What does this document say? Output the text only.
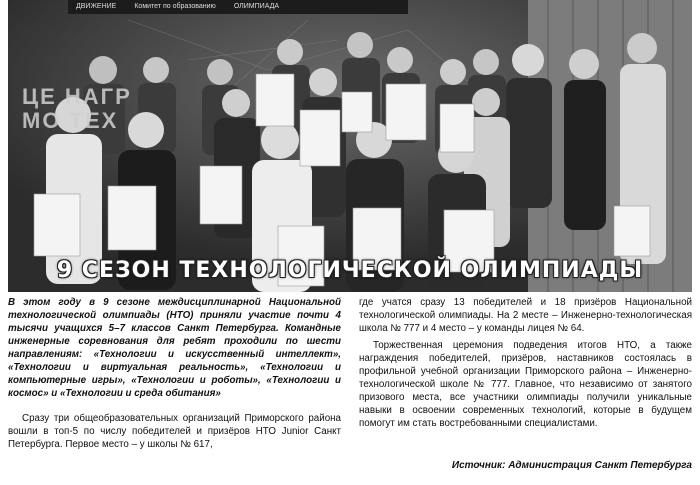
ДВИЖЕНИЕ	Комитет по образованию	ОЛИМПИАДА
ЦЕ НАГР
МО ТЕХ
9 СЕЗОН ТЕХНОЛОГИЧЕСКОЙ ОЛИМПИАДЫ
В этом году в 9 сезоне междисциплинарной Национальной технологической олимпиады (НТО) приняли участие почти 4 тысячи учащихся 5–7 классов Санкт Петербурга. Командные инженерные соревнования для ребят проходили по шести направлениям: «Технологии и искусственный интеллект», «Технологии и виртуальная реальность», «Технологии и компьютерные игры», «Технологии и роботы», «Технологии и космос» и «Технологии и среда обитания»
Сразу три общеобразовательных организаций Приморского района вошли в топ-5 по числу победителей и призёров НТО Junior Санкт Петербурга. Первое место – у школы № 617,
где учатся сразу 13 победителей и 18 призёров Национальной технологической олимпиады. На 2 месте – Инженерно-технологическая школа № 777 и 4 место – у команды лицея № 64.
Торжественная церемония подведения итогов НТО, а также награждения победителей, призёров, наставников состоялась в профильной учебной организации Приморского района – Инженерно-технологической школе № 777. Главное, что независимо от занятого призового места, все участники олимпиады получили уникальные навыки в освоении современных технологий, которые в будущем помогут им стать востребованными специалистами.
Источник: Администрация Санкт Петербурга
